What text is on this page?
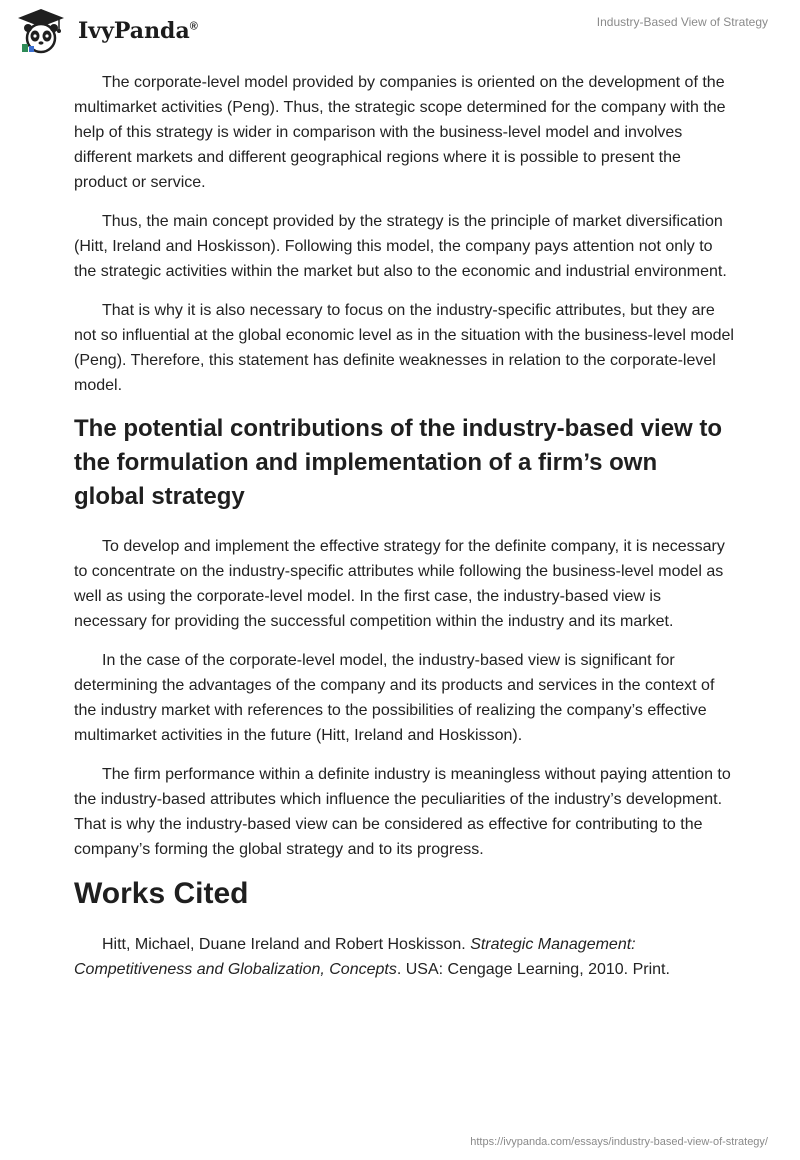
IvyPanda®	Industry-Based View of Strategy

The corporate-level model provided by companies is oriented on the development of the multimarket activities (Peng). Thus, the strategic scope determined for the company with the help of this strategy is wider in comparison with the business-level model and involves different markets and different geographical regions where it is possible to present the product or service.

Thus, the main concept provided by the strategy is the principle of market diversification (Hitt, Ireland and Hoskisson). Following this model, the company pays attention not only to the strategic activities within the market but also to the economic and industrial environment.

That is why it is also necessary to focus on the industry-specific attributes, but they are not so influential at the global economic level as in the situation with the business-level model (Peng). Therefore, this statement has definite weaknesses in relation to the corporate-level model.

The potential contributions of the industry-based view to the formulation and implementation of a firm’s own global strategy

To develop and implement the effective strategy for the definite company, it is necessary to concentrate on the industry-specific attributes while following the business-level model as well as using the corporate-level model. In the first case, the industry-based view is necessary for providing the successful competition within the industry and its market.

In the case of the corporate-level model, the industry-based view is significant for determining the advantages of the company and its products and services in the context of the industry market with references to the possibilities of realizing the company’s effective multimarket activities in the future (Hitt, Ireland and Hoskisson).

The firm performance within a definite industry is meaningless without paying attention to the industry-based attributes which influence the peculiarities of the industry’s development. That is why the industry-based view can be considered as effective for contributing to the company’s forming the global strategy and to its progress.

Works Cited

Hitt, Michael, Duane Ireland and Robert Hoskisson. Strategic Management: Competitiveness and Globalization, Concepts. USA: Cengage Learning, 2010. Print.

https://ivypanda.com/essays/industry-based-view-of-strategy/
